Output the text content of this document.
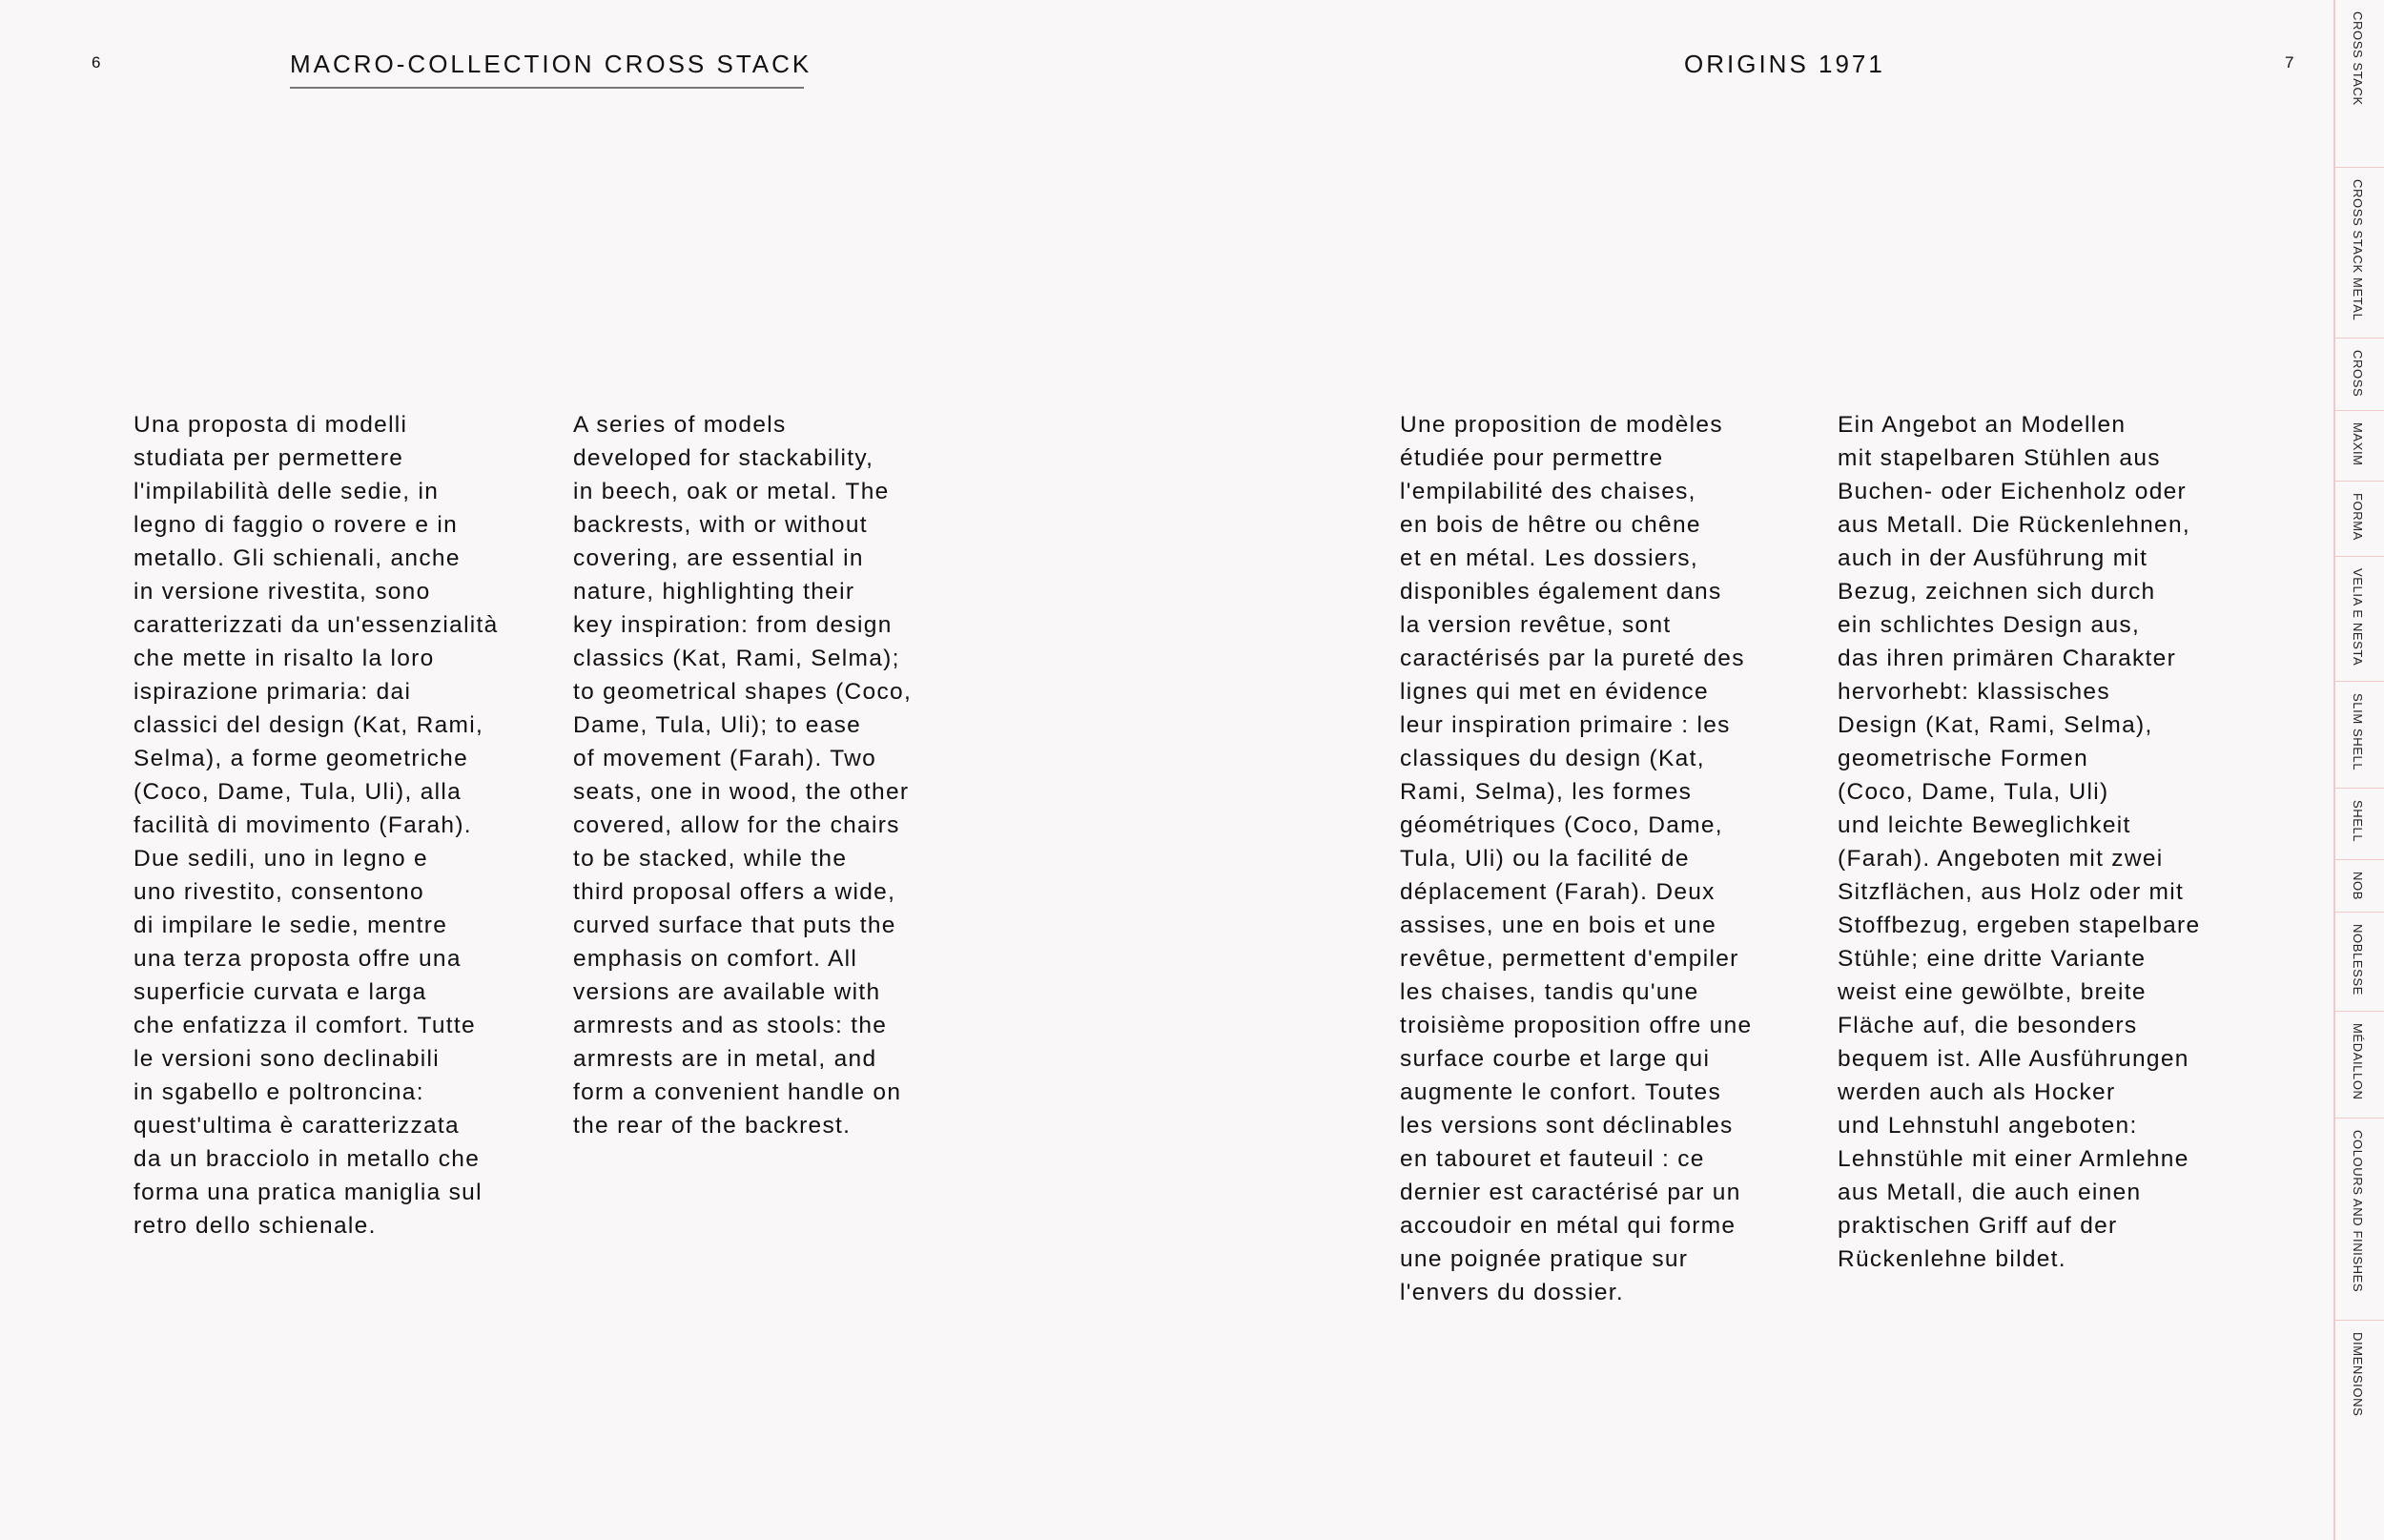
6	MACRO-COLLECTION CROSS STACK	ORIGINS 1971	7
Una proposta di modelli
studiata per permettere
l'impilabilità delle sedie, in
legno di faggio o rovere e in
metallo. Gli schienali, anche
in versione rivestita, sono
caratterizzati da un'essenzialità
che mette in risalto la loro
ispirazione primaria: dai
classici del design (Kat, Rami,
Selma), a forme geometriche
(Coco, Dame, Tula, Uli), alla
facilità di movimento (Farah).
Due sedili, uno in legno e
uno rivestito, consentono
di impilare le sedie, mentre
una terza proposta offre una
superficie curvata e larga
che enfatizza il comfort. Tutte
le versioni sono declinabili
in sgabello e poltroncina:
quest'ultima è caratterizzata
da un bracciolo in metallo che
forma una pratica maniglia sul
retro dello schienale.
A series of models
developed for stackability,
in beech, oak or metal. The
backrests, with or without
covering, are essential in
nature, highlighting their
key inspiration: from design
classics (Kat, Rami, Selma);
to geometrical shapes (Coco,
Dame, Tula, Uli); to ease
of movement (Farah). Two
seats, one in wood, the other
covered, allow for the chairs
to be stacked, while the
third proposal offers a wide,
curved surface that puts the
emphasis on comfort. All
versions are available with
armrests and as stools: the
armrests are in metal, and
form a convenient handle on
the rear of the backrest.
Une proposition de modèles
étudiée pour permettre
l'empilabilité des chaises,
en bois de hêtre ou chêne
et en métal. Les dossiers,
disponibles également dans
la version revêtue, sont
caractérisés par la pureté des
lignes qui met en évidence
leur inspiration primaire : les
classiques du design (Kat,
Rami, Selma), les formes
géométriques (Coco, Dame,
Tula, Uli) ou la facilité de
déplacement (Farah). Deux
assises, une en bois et une
revêtue, permettent d'empiler
les chaises, tandis qu'une
troisième proposition offre une
surface courbe et large qui
augmente le confort. Toutes
les versions sont déclinables
en tabouret et fauteuil : ce
dernier est caractérisé par un
accoudoir en métal qui forme
une poignée pratique sur
l'envers du dossier.
Ein Angebot an Modellen
mit stapelbaren Stühlen aus
Buchen- oder Eichenholz oder
aus Metall. Die Rückenlehnen,
auch in der Ausführung mit
Bezug, zeichnen sich durch
ein schlichtes Design aus,
das ihren primären Charakter
hervorhebt: klassisches
Design (Kat, Rami, Selma),
geometrische Formen
(Coco, Dame, Tula, Uli)
und leichte Beweglichkeit
(Farah). Angeboten mit zwei
Sitzflächen, aus Holz oder mit
Stoffbezug, ergeben stapelbare
Stühle; eine dritte Variante
weist eine gewölbte, breite
Fläche auf, die besonders
bequem ist. Alle Ausführungen
werden auch als Hocker
und Lehnstuhl angeboten:
Lehnstühle mit einer Armlehne
aus Metall, die auch einen
praktischen Griff auf der
Rückenlehne bildet.
CROSS STACK
CROSS STACK METAL
CROSS
MAXIM
FORMA
VELIA E NESTA
SLIM SHELL
SHELL
NOB
NOBLESSE
MÉDAILLON
COLOURS AND FINISHES
DIMENSIONS
